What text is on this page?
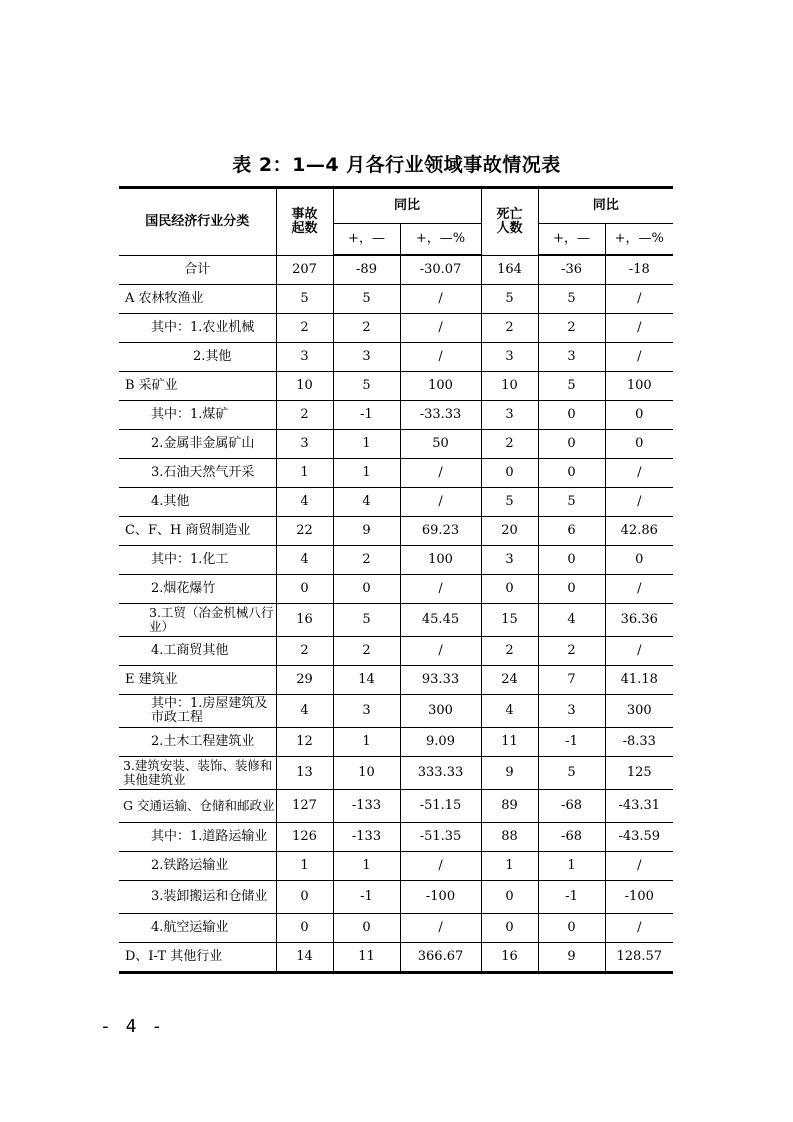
表 2：1—4 月各行业领域事故情况表
国民经济行业分类	事故起数	同比		死亡人数	同比	
		+，—	+，—%		+，—	+，—%
合计	207	-89	-30.07	164	-36	-18
A 农林牧渔业	5	5	/	5	5	/
其中：1.农业机械	2	2	/	2	2	/
2.其他	3	3	/	3	3	/
B 采矿业	10	5	100	10	5	100
其中：1.煤矿	2	-1	-33.33	3	0	0
2.金属非金属矿山	3	1	50	2	0	0
3.石油天然气开采	1	1	/	0	0	/
4.其他	4	4	/	5	5	/
C、F、H 商贸制造业	22	9	69.23	20	6	42.86
其中：1.化工	4	2	100	3	0	0
2.烟花爆竹	0	0	/	0	0	/
3.工贸（冶金机械八行业）	16	5	45.45	15	4	36.36
4.工商贸其他	2	2	/	2	2	/
E 建筑业	29	14	93.33	24	7	41.18
其中：1.房屋建筑及市政工程	4	3	300	4	3	300
2.土木工程建筑业	12	1	9.09	11	-1	-8.33
3.建筑安装、装饰、装修和其他建筑业	13	10	333.33	9	5	125
G 交通运输、仓储和邮政业	127	-133	-51.15	89	-68	-43.31
其中：1.道路运输业	126	-133	-51.35	88	-68	-43.59
2.铁路运输业	1	1	/	1	1	/
3.装卸搬运和仓储业	0	-1	-100	0	-1	-100
4.航空运输业	0	0	/	0	0	/
D、I-T 其他行业	14	11	366.67	16	9	128.57
- 4 -
